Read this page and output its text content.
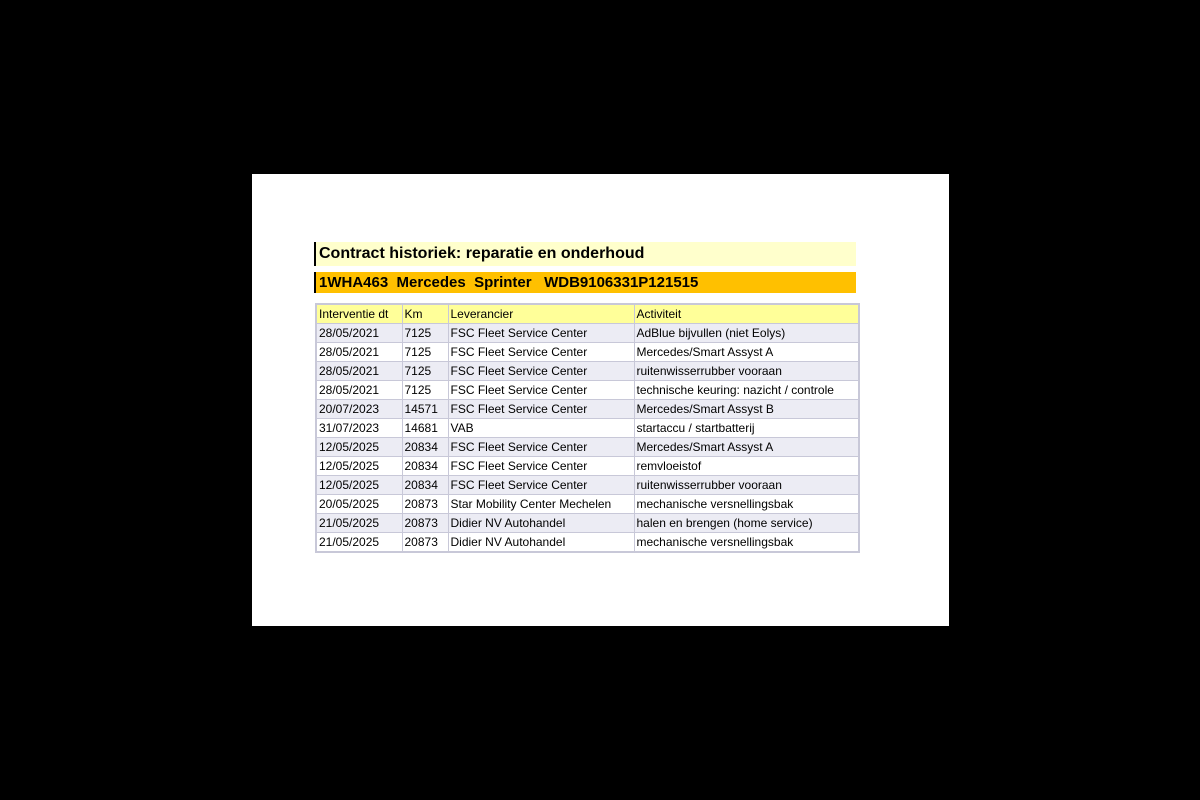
Contract historiek: reparatie en onderhoud
1WHA463  Mercedes  Sprinter   WDB9106331P121515
Interventie dt	Km	Leverancier	Activiteit
28/05/2021	7125	FSC Fleet Service Center	AdBlue bijvullen (niet Eolys)
28/05/2021	7125	FSC Fleet Service Center	Mercedes/Smart Assyst A
28/05/2021	7125	FSC Fleet Service Center	ruitenwisserrubber vooraan
28/05/2021	7125	FSC Fleet Service Center	technische keuring: nazicht / controle
20/07/2023	14571	FSC Fleet Service Center	Mercedes/Smart Assyst B
31/07/2023	14681	VAB	startaccu / startbatterij
12/05/2025	20834	FSC Fleet Service Center	Mercedes/Smart Assyst A
12/05/2025	20834	FSC Fleet Service Center	remvloeistof
12/05/2025	20834	FSC Fleet Service Center	ruitenwisserrubber vooraan
20/05/2025	20873	Star Mobility Center Mechelen	mechanische versnellingsbak
21/05/2025	20873	Didier NV Autohandel	halen en brengen (home service)
21/05/2025	20873	Didier NV Autohandel	mechanische versnellingsbak
